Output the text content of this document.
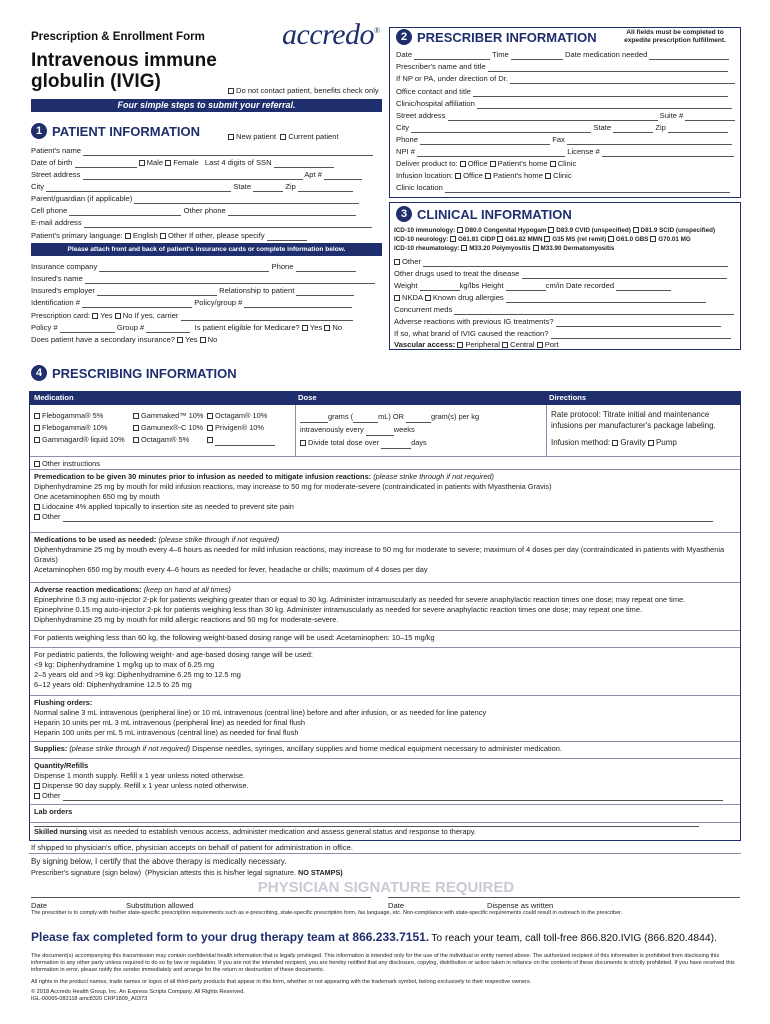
Prescription & Enrollment Form
Intravenous immune
globulin (IVIG)
accredo®
Do not contact patient, benefits check only
Four simple steps to submit your referral.
1 PATIENT INFORMATION	New patient Current patient
Patient's name
Date of birth	Male Female Last 4 digits of SSN
Street address	Apt #
City	State	Zip
Parent/guardian (if applicable)
Cell phone	Other phone
E-mail address
Patient's primary language: English Other If other, please specify
Please attach front and back of patient's insurance cards or complete information below.
Insurance company	Phone
Insured's name
Insured's employer	Relationship to patient
Identification #	Policy/group #
Prescription card: Yes No If yes, carrier
Policy #	Group #	Is patient eligible for Medicare? Yes No
Does patient have a secondary insurance? Yes No
2 PRESCRIBER INFORMATION	All fields must be completed to
expedite prescription fulfillment.
Date	Time	Date medication needed
Prescriber's name and title
If NP or PA, under direction of Dr.
Office contact and title
Clinic/hospital affiliation
Street address	Suite #
City	State	Zip
Phone	Fax
NPI #	License #
Deliver product to: Office Patient's home Clinic
Infusion location: Office Patient's home Clinic
Clinic location
3 CLINICAL INFORMATION
ICD-10 immunology: D80.0 Congenital Hypogam D83.9 CVID (unspecified) D81.9 SCID (unspecified)
ICD-10 neurology: G61.81 CIDP G61.82 MMN G35 MS (rel remit) G61.0 GBS G70.01 MG
ICD-10 rheumatology: M33.20 Polymyositis M33.90 Dermatomyositis
Other
Other drugs used to treat the disease
Weight	kg/lbs Height	cm/in Date recorded
NKDA Known drug allergies
Concurrent meds
Adverse reactions with previous IG treatments?
If so, what brand of IVIG caused the reaction?
Vascular access: Peripheral Central Port
4 PRESCRIBING INFORMATION
Medication	Dose	Directions
Flebogamma® 5%
Flebogamma® 10%
Gammagard® liquid 10%
Gammaked™ 10%
Gamunex®-C 10%
Octagam® 5%
Octagam® 10%
Privigen® 10%
grams (	mL) OR	gram(s) per kg
intravenously every	weeks
Divide total dose over	days
Rate protocol: Titrate initial and maintenance infusions per manufacturer's package labeling.
Infusion method: Gravity Pump
Other instructions
Premedication to be given 30 minutes prior to infusion as needed to mitigate infusion reactions: (please strike through if not required)
Diphenhydramine 25 mg by mouth for mild infusion reactions, may increase to 50 mg for moderate-severe (contraindicated in patients with Myasthenia Gravis)
One acetaminophen 650 mg by mouth
Lidocaine 4% applied topically to insertion site as needed to prevent site pain
Other
Medications to be used as needed: (please strike through if not required)
Diphenhydramine 25 mg by mouth every 4–6 hours as needed for mild infusion reactions, may increase to 50 mg for moderate to severe; maximum of 4 doses per day (contraindicated in patients with Myasthenia Gravis)
Acetaminophen 650 mg by mouth every 4–6 hours as needed for fever, headache or chills; maximum of 4 doses per day
Adverse reaction medications: (keep on hand at all times)
Epinephrine 0.3 mg auto-injector 2-pk for patients weighing greater than or equal to 30 kg. Administer intramuscularly as needed for severe anaphylactic reaction times one dose; may repeat one time.
Epinephrine 0.15 mg auto-injector 2-pk for patients weighing less than 30 kg. Administer intramuscularly as needed for severe anaphylactic reaction times one dose; may repeat one time.
Diphenhydramine 25 mg by mouth for mild allergic reactions and 50 mg for moderate-severe.
For patients weighing less than 60 kg, the following weight-based dosing range will be used: Acetaminophen: 10–15 mg/kg
For pediatric patients, the following weight- and age-based dosing range will be used:
<9 kg: Diphenhydramine 1 mg/kg up to max of 6.25 mg
2–5 years old and >9 kg: Diphenhydramine 6.25 mg to 12.5 mg
6–12 years old: Diphenhydramine 12.5 to 25 mg
Flushing orders:
Normal saline 3 mL intravenous (peripheral line) or 10 mL intravenous (central line) before and after infusion, or as needed for line patency
Heparin 10 units per mL 3 mL intravenous (peripheral line) as needed for final flush
Heparin 100 units per mL 5 mL intravenous (central line) as needed for final flush
Supplies: (please strike through if not required) Dispense needles, syringes, ancillary supplies and home medical equipment necessary to administer medication.
Quantity/Refills
Dispense 1 month supply. Refill x 1 year unless noted otherwise.
Dispense 90 day supply. Refill x 1 year unless noted otherwise.
Other
Lab orders
Skilled nursing visit as needed to establish venous access, administer medication and assess general status and response to therapy.
If shipped to physician's office, physician accepts on behalf of patient for administration in office.
By signing below, I certify that the above therapy is medically necessary.
Prescriber's signature (sign below) (Physician attests this is his/her legal signature. NO STAMPS)
PHYSICIAN SIGNATURE REQUIRED
Date	Substitution allowed	Date	Dispense as written
The prescriber is to comply with his/her state-specific prescription requirements such as e-prescribing, state-specific prescription form, fax language, etc. Non-compliance with state-specific requirements could result in outreach to the prescriber.
Please fax completed form to your drug therapy team at 866.233.7151. To reach your team, call toll-free 866.820.IVIG (866.820.4844).
The document(s) accompanying this transmission may contain confidential health information that is legally privileged. This information is intended only for the use of the individual or entity named above. The authorized recipient of this information is prohibited from disclosing this information to any other party unless required to do so by law or regulation. If you are not the intended recipient, you are hereby notified that any disclosure, copying, distribution or action taken in reliance on the contents of these documents is strictly prohibited. If you have received this information in error, please notify the sender immediately and arrange for the return or destruction of these documents.
All rights in the product names, trade names or logos of all third-party products that appear in this form, whether or not appearing with the trademark symbol, belong exclusively to their respective owners.
© 2018 Accredo Health Group, Inc. An Express Scripts Company. All Rights Reserved.
IGL-00065-083118 amc8320 CRP1809_A0373
